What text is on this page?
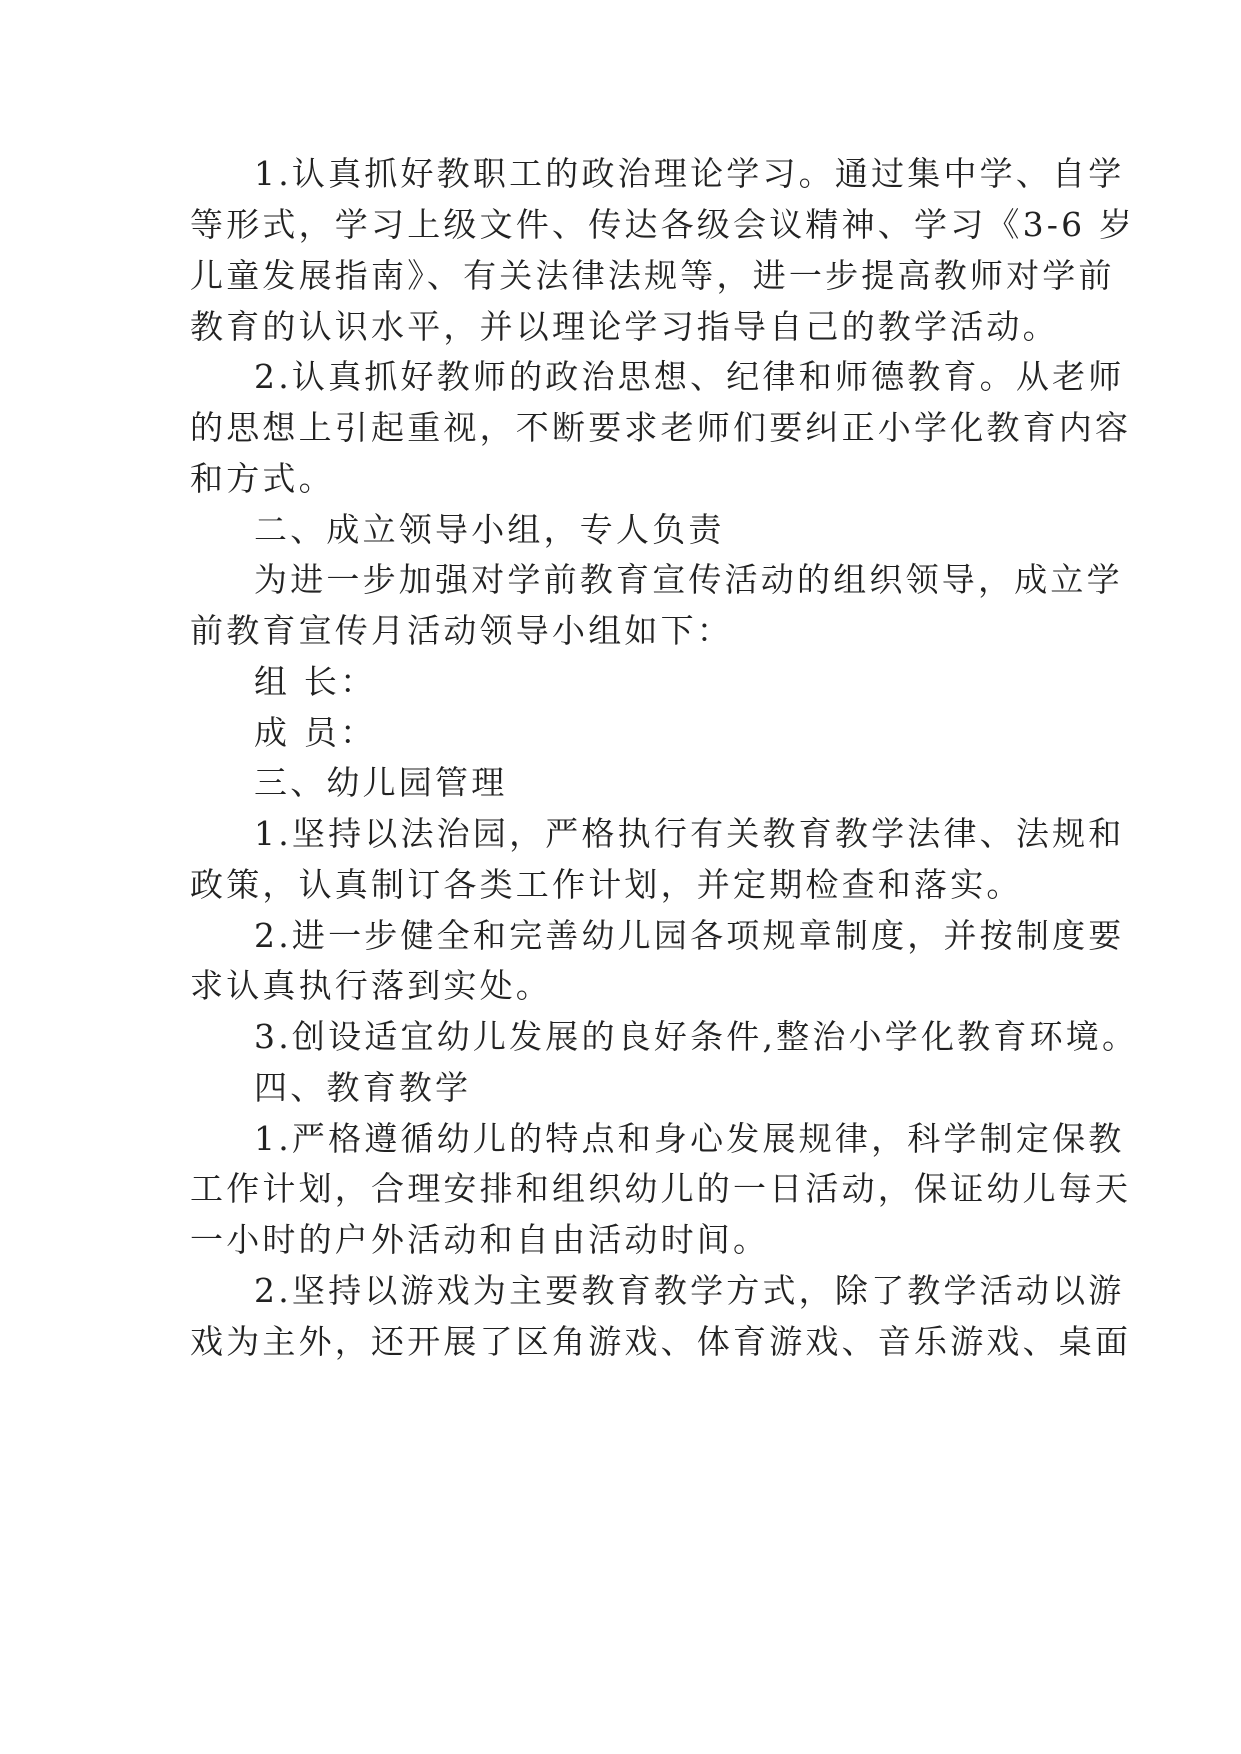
1.认真抓好教职工的政治理论学习。通过集中学、自学
等形式，学习上级文件、传达各级会议精神、学习《3-6 岁
儿童发展指南》、有关法律法规等，进一步提高教师对学前
教育的认识水平，并以理论学习指导自己的教学活动。
2.认真抓好教师的政治思想、纪律和师德教育。从老师
的思想上引起重视，不断要求老师们要纠正小学化教育内容
和方式。
二、成立领导小组，专人负责
为进一步加强对学前教育宣传活动的组织领导，成立学
前教育宣传月活动领导小组如下：
组 长：
成 员：
三、幼儿园管理
1.坚持以法治园，严格执行有关教育教学法律、法规和
政策，认真制订各类工作计划，并定期检查和落实。
2.进一步健全和完善幼儿园各项规章制度，并按制度要
求认真执行落到实处。
3.创设适宜幼儿发展的良好条件,整治小学化教育环境。
四、教育教学
1.严格遵循幼儿的特点和身心发展规律，科学制定保教
工作计划，合理安排和组织幼儿的一日活动，保证幼儿每天
一小时的户外活动和自由活动时间。
2.坚持以游戏为主要教育教学方式，除了教学活动以游
戏为主外，还开展了区角游戏、体育游戏、音乐游戏、桌面
